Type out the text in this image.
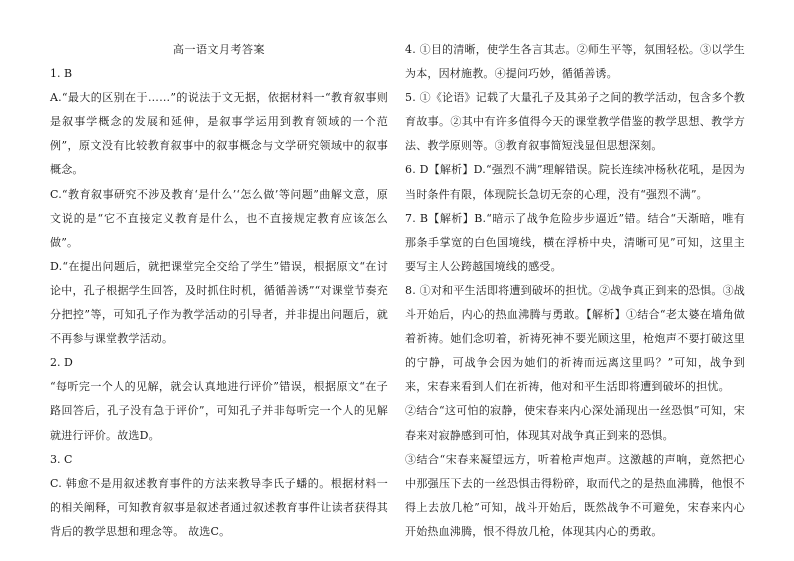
高一语文月考答案
1. B

A.“最大的区别在于……”的说法于文无据，依据材料一“教育叙事则是叙事学概念的发展和延伸，是叙事学运用到教育领域的一个范例”，原文没有比较教育叙事中的叙事概念与文学研究领域中的叙事概念。

C.“教育叙事研究不涉及教育‘是什么’‘怎么做’等问题”曲解文意，原文说的是“它不直接定义教育是什么，也不直接规定教育应该怎么做”。

D.“在提出问题后，就把课堂完全交给了学生”错误，根据原文“在讨论中，孔子根据学生回答，及时抓住时机，循循善诱”“对课堂节奏充分把控”等，可知孔子作为教学活动的引导者，并非提出问题后，就不再参与课堂教学活动。

2. D

“每听完一个人的见解，就会认真地进行评价”错误，根据原文“在子路回答后，孔子没有急于评价”，可知孔子并非每听完一个人的见解就进行评价。故选D。

3. C

C. 韩愈不是用叙述教育事件的方法来教导李氏子蟠的。根据材料一的相关阐释，可知教育叙事是叙述者通过叙述教育事件让读者获得其背后的教学思想和理念等。 故选C。

4. ①目的清晰，使学生各言其志。②师生平等，氛围轻松。③以学生为本，因材施教。④提问巧妙，循循善诱。

5. ①《论语》记载了大量孔子及其弟子之间的教学活动，包含多个教育故事。②其中有许多值得今天的课堂教学借鉴的教学思想、教学方法、教学原则等。③教育叙事简短浅显但思想深刻。

6. D【解析】D.“强烈不满”理解错误。院长连续冲杨秋花吼，是因为当时条件有限，体现院长急切无奈的心理，没有“强烈不满”。

7. B【解析】B.“暗示了战争危险步步逼近”错。结合“天渐暗，唯有那条手掌宽的白色国境线，横在浮桥中央，清晰可见”可知，这里主要写主人公跨越国境线的感受。

8. ①对和平生活即将遭到破坏的担忧。②战争真正到来的恐惧。③战斗开始后，内心的热血沸腾与勇敢。【解析】①结合“老太婆在墙角做着祈祷。她们念叨着，祈祷死神不要光顾这里，枪炮声不要打破这里的宁静，可战争会因为她们的祈祷而远离这里吗？”可知，战争到来，宋春来看到人们在祈祷，他对和平生活即将遭到破坏的担忧。

②结合“这可怕的寂静，使宋春来内心深处涌现出一丝恐惧”可知，宋春来对寂静感到可怕，体现其对战争真正到来的恐惧。

③结合“宋春来凝望远方，听着枪声炮声。这激越的声响，竟然把心中那强压下去的一丝恐惧击得粉碎，取而代之的是热血沸腾，他恨不得上去放几枪”可知，战斗开始后，既然战争不可避免，宋春来内心开始热血沸腾，恨不得放几枪，体现其内心的勇敢。
